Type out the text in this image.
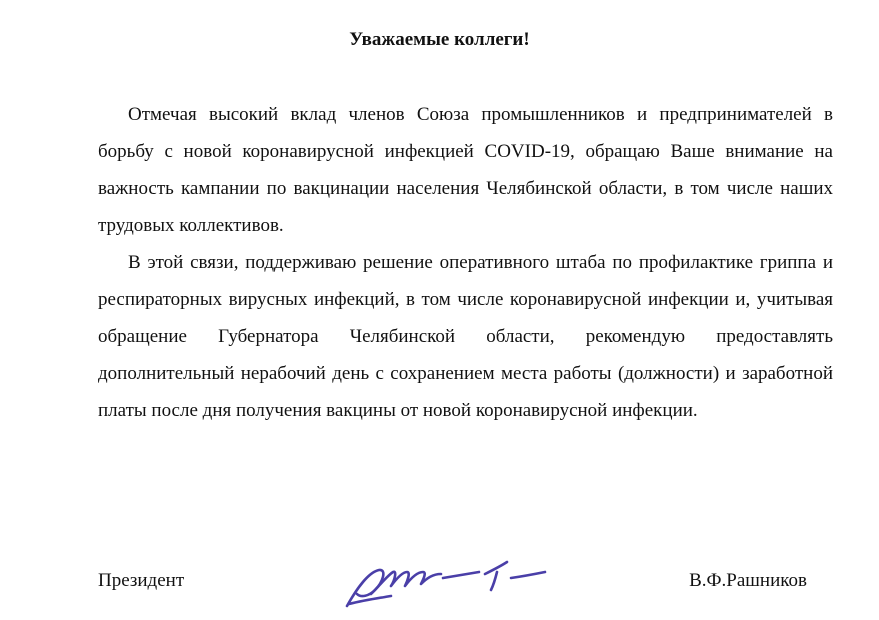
Уважаемые коллеги!

Отмечая высокий вклад членов Союза промышленников и предпринимателей в борьбу с новой коронавирусной инфекцией COVID-19, обращаю Ваше внимание на важность кампании по вакцинации населения Челябинской области, в том числе наших трудовых коллективов.

В этой связи, поддерживаю решение оперативного штаба по профилактике гриппа и респираторных вирусных инфекций, в том числе коронавирусной инфекции и, учитывая обращение Губернатора Челябинской области, рекомендую предоставлять дополнительный нерабочий день с сохранением места работы (должности) и заработной платы после дня получения вакцины от новой коронавирусной инфекции.

Президент	В.Ф.Рашников
